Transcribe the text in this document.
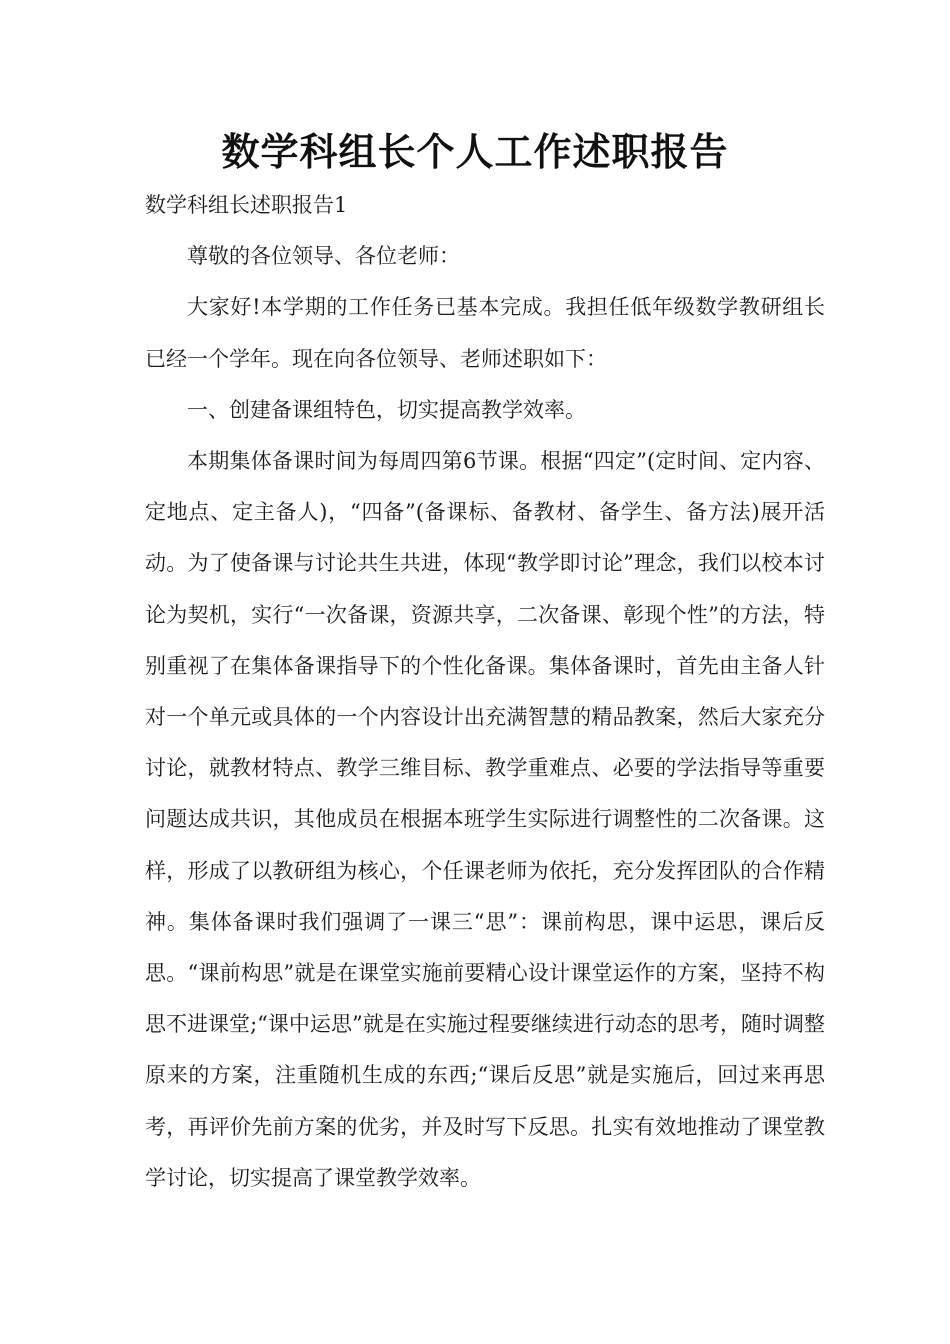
数学科组长个人工作述职报告

数学科组长述职报告1

尊敬的各位领导、各位老师：

大家好!本学期的工作任务已基本完成。我担任低年级数学教研组长已经一个学年。现在向各位领导、老师述职如下：

一、创建备课组特色，切实提高教学效率。

本期集体备课时间为每周四第6节课。根据“四定”(定时间、定内容、定地点、定主备人)，“四备”(备课标、备教材、备学生、备方法)展开活动。为了使备课与讨论共生共进，体现“教学即讨论”理念，我们以校本讨论为契机，实行“一次备课，资源共享，二次备课、彰现个性”的方法，特别重视了在集体备课指导下的个性化备课。集体备课时，首先由主备人针对一个单元或具体的一个内容设计出充满智慧的精品教案，然后大家充分讨论，就教材特点、教学三维目标、教学重难点、必要的学法指导等重要问题达成共识，其他成员在根据本班学生实际进行调整性的二次备课。这样，形成了以教研组为核心，个任课老师为依托，充分发挥团队的合作精神。集体备课时我们强调了一课三“思”：课前构思，课中运思，课后反思。“课前构思”就是在课堂实施前要精心设计课堂运作的方案，坚持不构思不进课堂;“课中运思”就是在实施过程要继续进行动态的思考，随时调整原来的方案，注重随机生成的东西;“课后反思”就是实施后，回过来再思考，再评价先前方案的优劣，并及时写下反思。扎实有效地推动了课堂教学讨论，切实提高了课堂教学效率。
